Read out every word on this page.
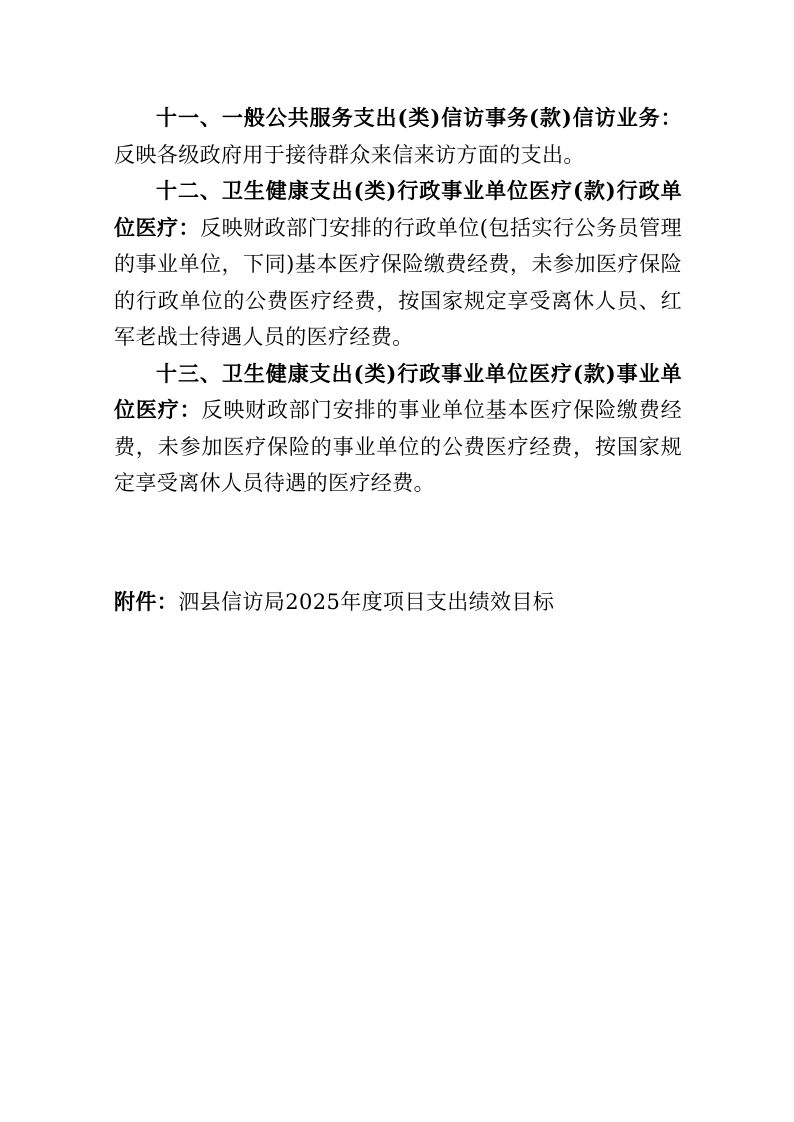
十一、一般公共服务支出(类)信访事务(款)信访业务：反映各级政府用于接待群众来信来访方面的支出。

十二、卫生健康支出(类)行政事业单位医疗(款)行政单位医疗：反映财政部门安排的行政单位(包括实行公务员管理的事业单位，下同)基本医疗保险缴费经费，未参加医疗保险的行政单位的公费医疗经费，按国家规定享受离休人员、红军老战士待遇人员的医疗经费。

十三、卫生健康支出(类)行政事业单位医疗(款)事业单位医疗：反映财政部门安排的事业单位基本医疗保险缴费经费，未参加医疗保险的事业单位的公费医疗经费，按国家规定享受离休人员待遇的医疗经费。

附件：泗县信访局2025年度项目支出绩效目标
